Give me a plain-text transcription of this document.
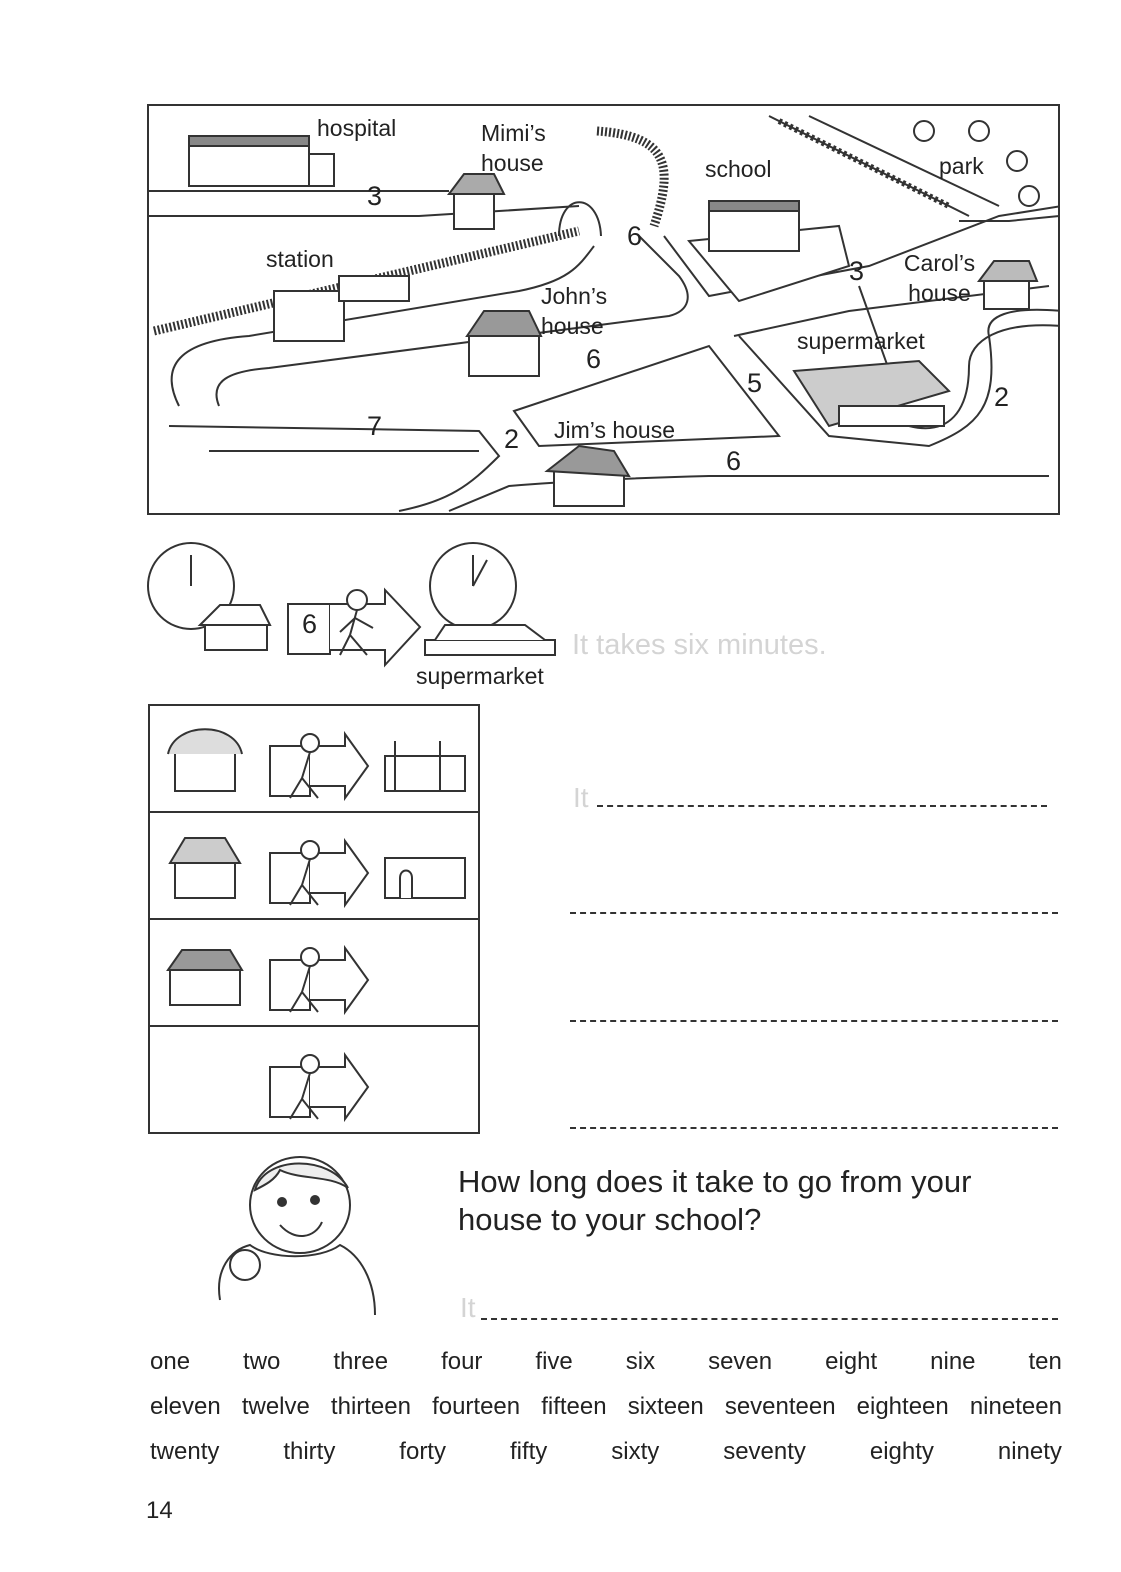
hospital	Mimi’s house	school	park
station
John’s house
Carol’s house
supermarket
Jim’s house
3
6
3
6
5	2
7	2
6
6
supermarket
It takes six minutes.
It
How long does it take to go from your house to your school?
It
one two three four five six seven eight nine ten
eleven twelve thirteen fourteen fifteen sixteen seventeen eighteen nineteen
twenty	thirty	forty	fifty	sixty	seventy	eighty	ninety
14
